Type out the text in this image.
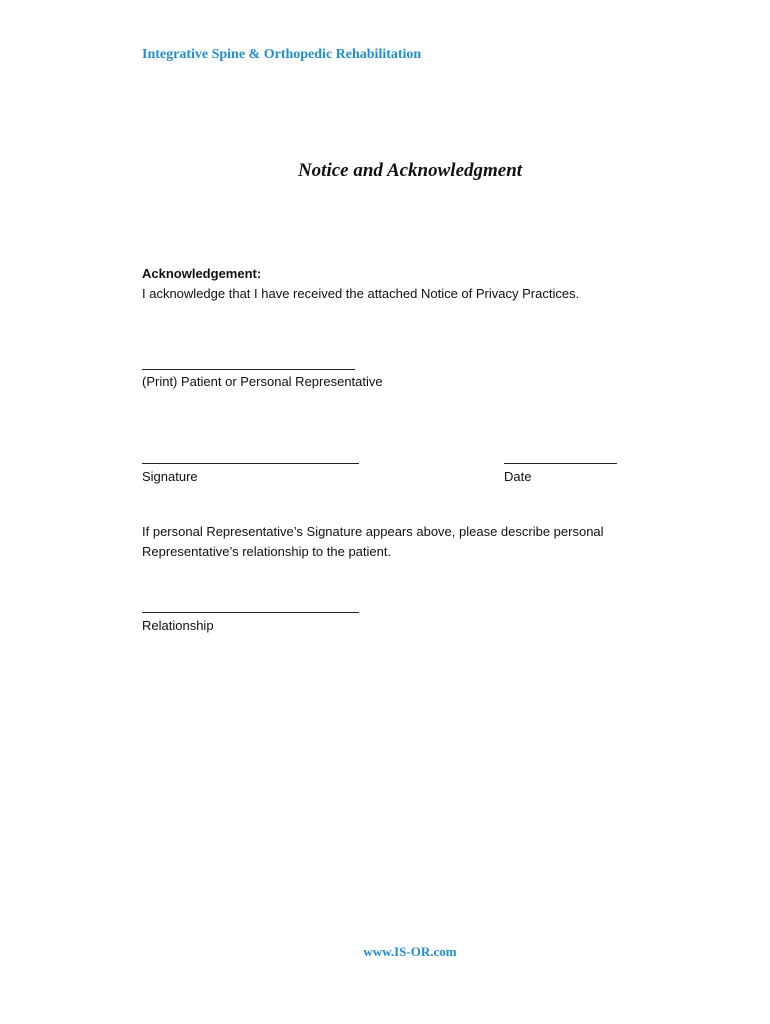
Integrative Spine & Orthopedic Rehabilitation
Notice and Acknowledgment
Acknowledgement:
I acknowledge that I have received the attached Notice of Privacy Practices.
(Print) Patient or Personal Representative
Signature	Date
If personal Representative’s Signature appears above, please describe personal Representative’s relationship to the patient.
Relationship
www.IS-OR.com
